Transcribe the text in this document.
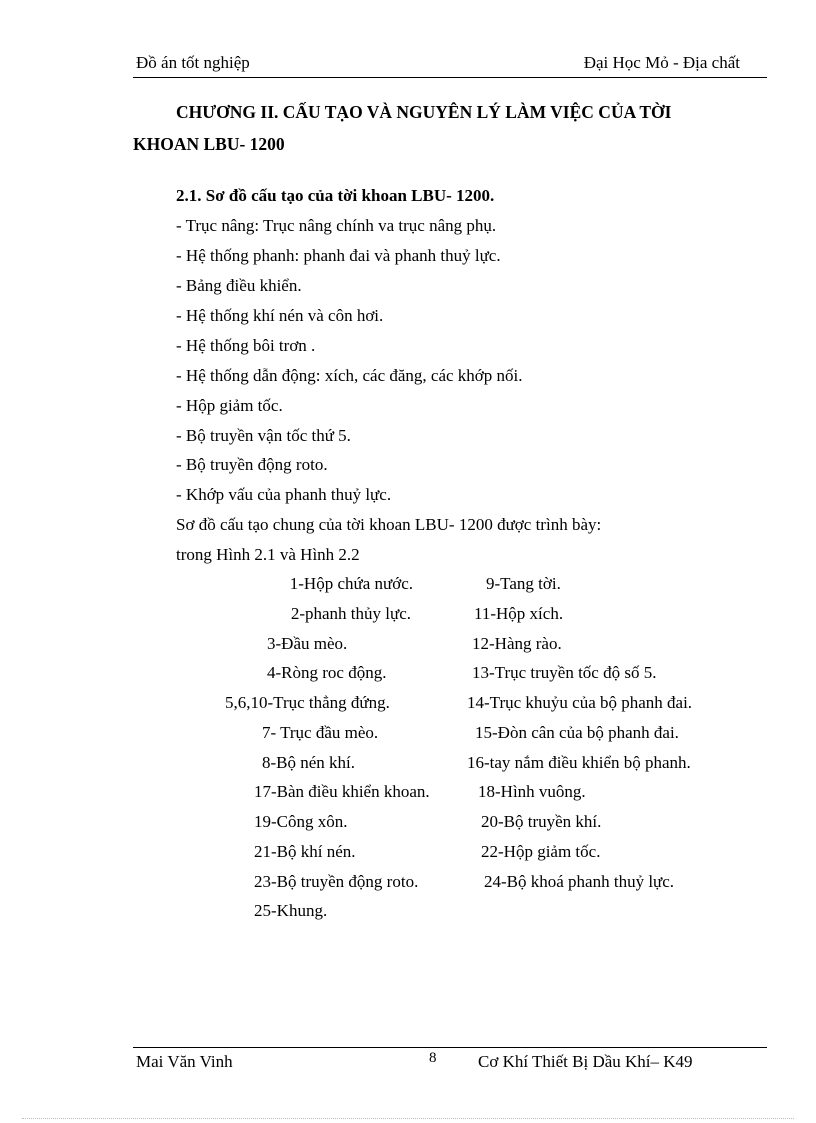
Đồ án tốt nghiệp	Đại Học Mỏ - Địa chất
CHƯƠNG II. CẤU TẠO VÀ NGUYÊN LÝ LÀM VIỆC CỦA TỜI
KHOAN LBU- 1200
2.1. Sơ đồ cấu tạo của tời khoan LBU- 1200.
- Trục nâng: Trục nâng chính va trục nâng phụ.
- Hệ thống phanh: phanh đai và phanh thuỷ lực.
- Bảng điều khiển.
- Hệ thống khí nén và côn hơi.
- Hệ thống bôi trơn .
- Hệ thống dẫn động: xích, các đăng, các khớp nối.
- Hộp giảm tốc.
- Bộ truyền vận tốc thứ 5.
- Bộ truyền động roto.
- Khớp vấu của phanh thuỷ lực.
Sơ đồ cấu tạo chung của tời khoan LBU- 1200 được trình bày:
trong Hình 2.1 và Hình 2.2
1-Hộp chứa nước.
2-phanh thủy lực.
3-Đầu mèo.
4-Ròng roc động.
5,6,10-Trục thẳng đứng.
7- Trục đầu mèo.
8-Bộ nén khí.
17-Bàn điều khiển khoan.
19-Công xôn.
21-Bộ khí nén.
23-Bộ truyền động roto.
25-Khung.
9-Tang tời.
11-Hộp xích.
12-Hàng rào.
13-Trục truyền tốc độ số 5.
14-Trục khuỷu của bộ phanh đai.
15-Đòn cân của bộ phanh đai.
16-tay nắm điều khiển bộ phanh.
18-Hình vuông.
20-Bộ truyền khí.
22-Hộp giảm tốc.
24-Bộ khoá phanh thuỷ lực.
Mai Văn Vinh	8 Cơ Khí Thiết Bị Dầu Khí– K49
